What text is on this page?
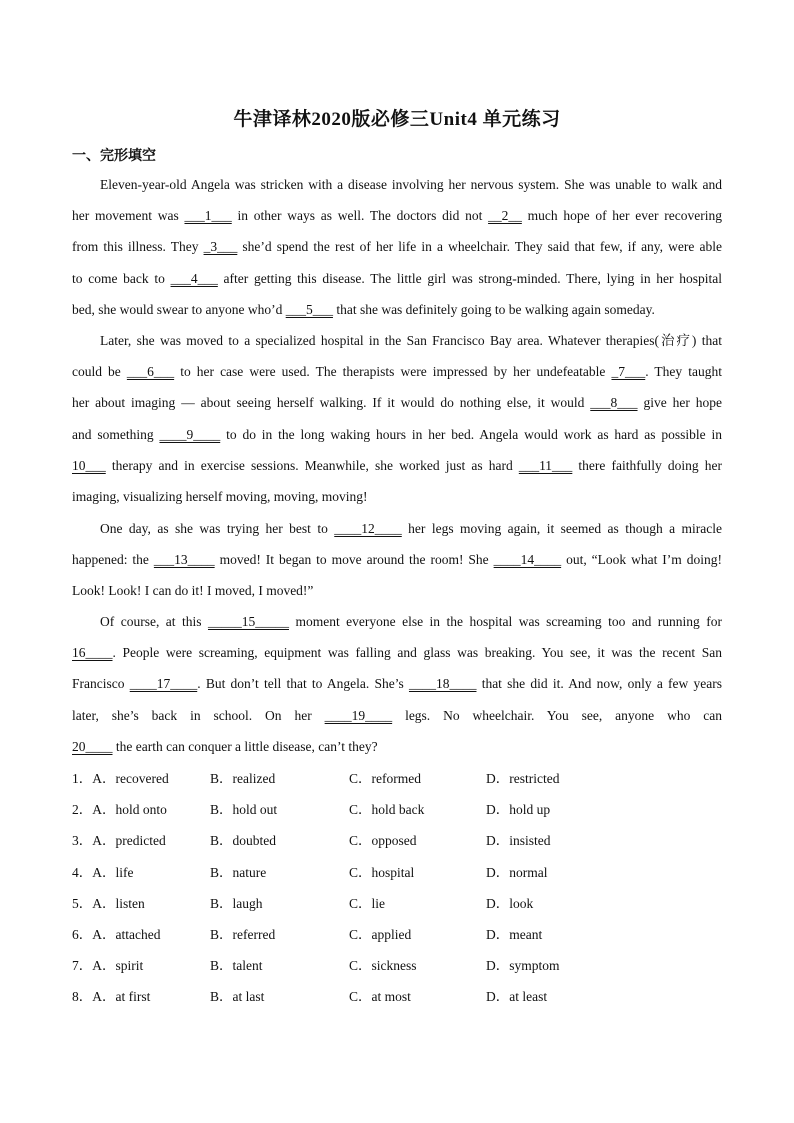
牛津译林2020版必修三Unit4 单元练习
一、完形填空
Eleven-year-old Angela was stricken with a disease involving her nervous system. She was unable to walk and
her movement was ___1___ in other ways as well. The doctors did not __2__ much hope of her ever recovering
from this illness. They _3___ she’d spend the rest of her life in a wheelchair. They said that few, if any, were able
to come back to ___4___ after getting this disease. The little girl was strong-minded. There, lying in her hospital
bed, she would swear to anyone who’d ___5___ that she was definitely going to be walking again someday.
Later, she was moved to a specialized hospital in the San Francisco Bay area. Whatever therapies(治疗) that
could be ___6___ to her case were used. The therapists were impressed by her undefeatable _7___. They taught
her about imaging — about seeing herself walking. If it would do nothing else, it would ___8___ give her hope
and something ____9____ to do in the long waking hours in her bed. Angela would work as hard as possible in
10___ therapy and in exercise sessions. Meanwhile, she worked just as hard ___11___ there faithfully doing her
imaging, visualizing herself moving, moving, moving!
One day, as she was trying her best to ____12____ her legs moving again, it seemed as though a miracle
happened: the ___13____ moved! It began to move around the room! She ____14____ out, “Look what I’m doing!
Look! Look! I can do it! I moved, I moved!”
Of course, at this _____15_____ moment everyone else in the hospital was screaming too and running for
16____. People were screaming, equipment was falling and glass was breaking. You see, it was the recent San
Francisco ____17____. But don’t tell that to Angela. She’s ____18____ that she did it. And now, only a few years
later, she’s back in school. On her ____19____ legs. No wheelchair. You see, anyone who can
20____ the earth can conquer a little disease, can’t they?
1．A．recovered	B．realized	C．reformed	D．restricted
2．A．hold onto	B．hold out	C．hold back	D．hold up
3．A．predicted	B．doubted	C．opposed	D．insisted
4．A．life	B．nature	C．hospital	D．normal
5．A．listen	B．laugh	C．lie	D．look
6．A．attached	B．referred	C．applied	D．meant
7．A．spirit	B．talent	C．sickness	D．symptom
8．A．at first	B．at last	C．at most	D．at least
